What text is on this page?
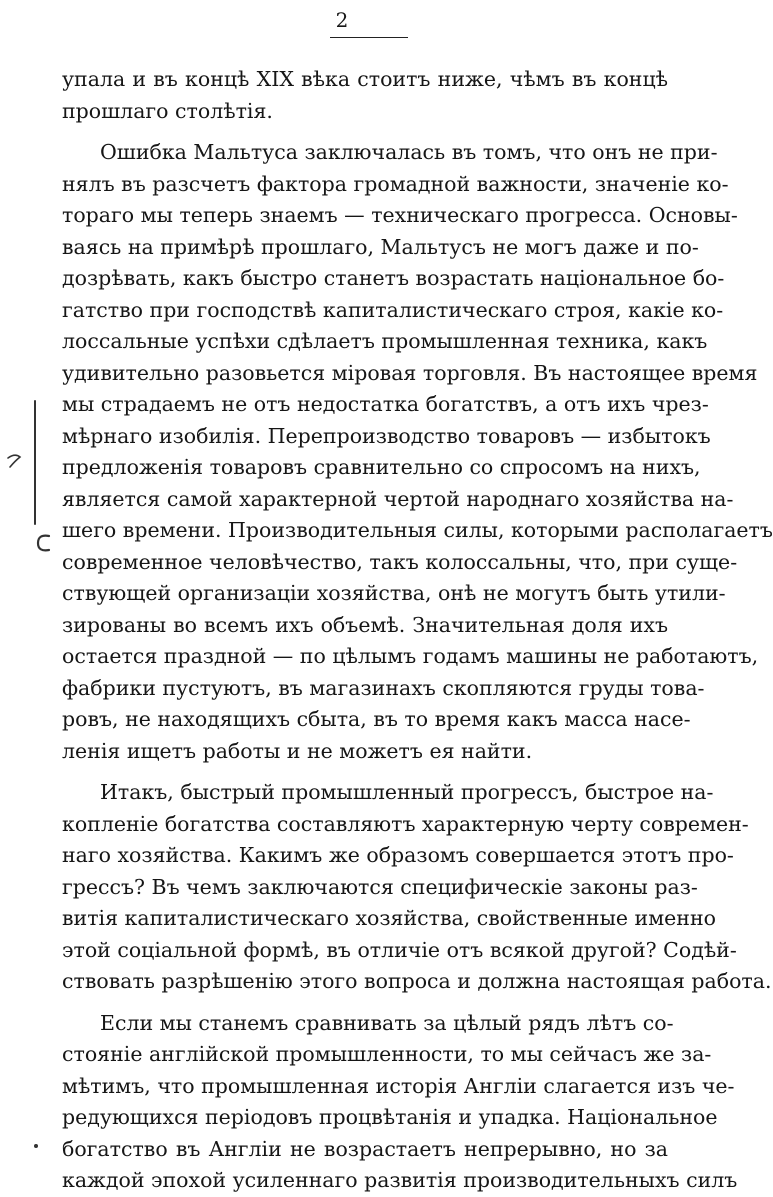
2
упала и въ концѣ XIX вѣка стоитъ ниже, чѣмъ въ концѣ
прошлаго столѣтія.
Ошибка Мальтуса заключалась въ томъ, что онъ не при-
нялъ въ разсчетъ фактора громадной важности, значеніе ко-
тораго мы теперь знаемъ — техническаго прогресса. Основы-
ваясь на примѣрѣ прошлаго, Мальтусъ не могъ даже и по-
дозрѣвать, какъ быстро станетъ возрастать національное бо-
гатство при господствѣ капиталистическаго строя, какіе ко-
лоссальные успѣхи сдѣлаетъ промышленная техника, какъ
удивительно разовьется міровая торговля. Въ настоящее время
мы страдаемъ не отъ недостатка богатствъ, а отъ ихъ чрез-
мѣрнаго изобилія. Перепроизводство товаровъ — избытокъ
предложенія товаровъ сравнительно со спросомъ на нихъ,
является самой характерной чертой народнаго хозяйства на-
шего времени. Производительныя силы, которыми располагаетъ
современное человѣчество, такъ колоссальны, что, при суще-
ствующей организаціи хозяйства, онѣ не могутъ быть утили-
зированы во всемъ ихъ объемѣ. Значительная доля ихъ
остается праздной — по цѣлымъ годамъ машины не работаютъ,
фабрики пустуютъ, въ магазинахъ скопляются груды това-
ровъ, не находящихъ сбыта, въ то время какъ масса насе-
ленія ищетъ работы и не можетъ ея найти.
Итакъ, быстрый промышленный прогрессъ, быстрое на-
копленіе богатства составляютъ характерную черту современ-
наго хозяйства. Какимъ же образомъ совершается этотъ про-
грессъ? Въ чемъ заключаются специфическіе законы раз-
витія капиталистическаго хозяйства, свойственные именно
этой соціальной формѣ, въ отличіе отъ всякой другой? Содѣй-
ствовать разрѣшенію этого вопроса и должна настоящая работа.
Если мы станемъ сравнивать за цѣлый рядъ лѣтъ со-
стояніе англійской промышленности, то мы сейчасъ же за-
мѣтимъ, что промышленная исторія Англіи слагается изъ че-
редующихся періодовъ процвѣтанія и упадка. Національное
богатство въ Англіи не возрастаетъ непрерывно, но за
каждой эпохой усиленнаго развитія производительныхъ силъ
